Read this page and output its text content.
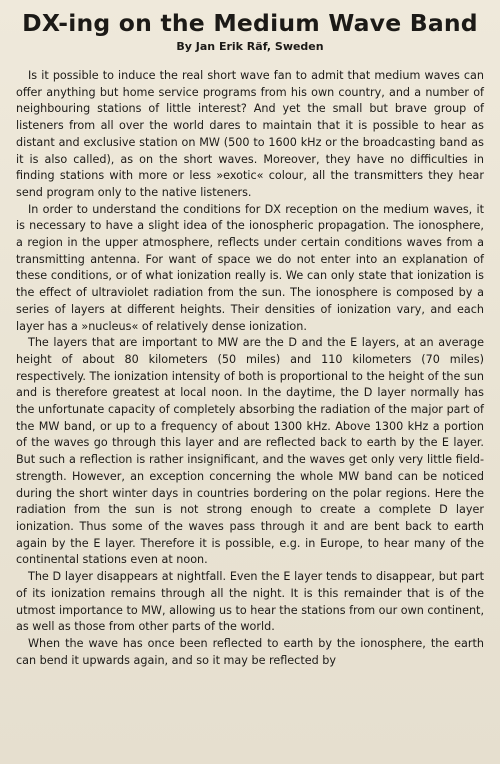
DX-ing on the Medium Wave Band
By Jan Erik Räf, Sweden

Is it possible to induce the real short wave fan to admit that medium waves can offer anything but home service programs from his own country, and a number of neighbouring stations of little interest? And yet the small but brave group of listeners from all over the world dares to maintain that it is possible to hear as distant and exclusive station on MW (500 to 1600 kHz or the broadcasting band as it is also called), as on the short waves. Moreover, they have no difficulties in finding stations with more or less »exotic« colour, all the transmitters they hear send program only to the native listeners.

In order to understand the conditions for DX reception on the medium waves, it is necessary to have a slight idea of the ionospheric propagation. The ionosphere, a region in the upper atmosphere, reflects under certain conditions waves from a transmitting antenna. For want of space we do not enter into an explanation of these conditions, or of what ionization really is. We can only state that ionization is the effect of ultraviolet radiation from the sun. The ionosphere is composed by a series of layers at different heights. Their densities of ionization vary, and each layer has a »nucleus« of relatively dense ionization.

The layers that are important to MW are the D and the E layers, at an average height of about 80 kilometers (50 miles) and 110 kilometers (70 miles) respectively. The ionization intensity of both is proportional to the height of the sun and is therefore greatest at local noon. In the daytime, the D layer normally has the unfortunate capacity of completely absorbing the radiation of the major part of the MW band, or up to a frequency of about 1300 kHz. Above 1300 kHz a portion of the waves go through this layer and are reflected back to earth by the E layer. But such a reflection is rather insignificant, and the waves get only very little field-strength. However, an exception concerning the whole MW band can be noticed during the short winter days in countries bordering on the polar regions. Here the radiation from the sun is not strong enough to create a complete D layer ionization. Thus some of the waves pass through it and are bent back to earth again by the E layer. Therefore it is possible, e.g. in Europe, to hear many of the continental stations even at noon.

The D layer disappears at nightfall. Even the E layer tends to disappear, but part of its ionization remains through all the night. It is this remainder that is of the utmost importance to MW, allowing us to hear the stations from our own continent, as well as those from other parts of the world.

When the wave has once been reflected to earth by the ionosphere, the earth can bend it upwards again, and so it may be reflected by
